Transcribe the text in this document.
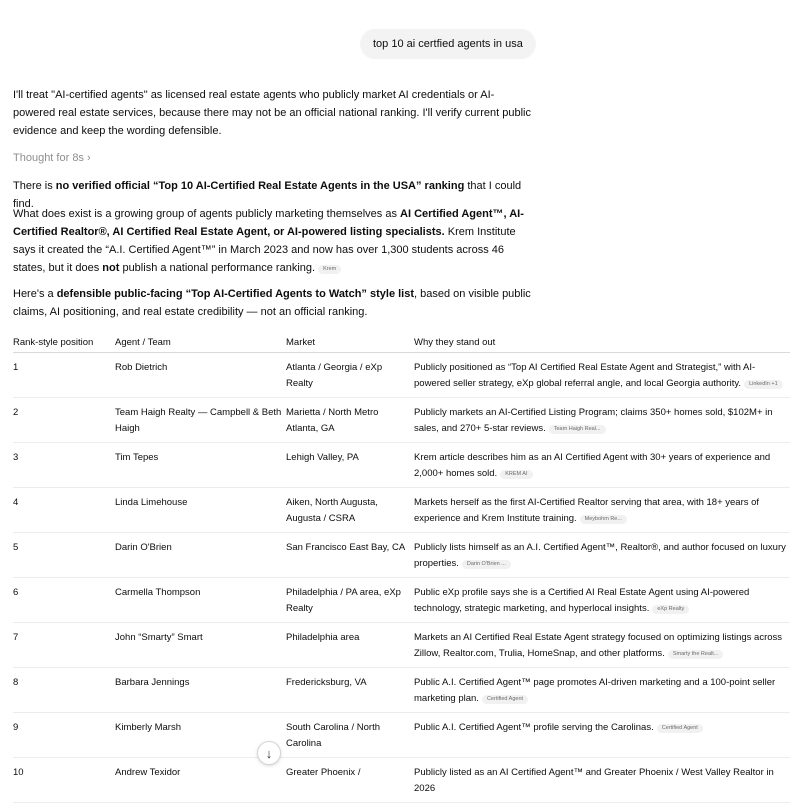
top 10 ai certfied agents in usa

I'll treat "AI-certified agents" as licensed real estate agents who publicly market AI credentials or AI-powered real estate services, because there may not be an official national ranking. I'll verify current public evidence and keep the wording defensible.

Thought for 8s ›

There is no verified official “Top 10 AI-Certified Real Estate Agents in the USA” ranking that I could find.

What does exist is a growing group of agents publicly marketing themselves as AI Certified Agent™, AI-Certified Realtor®, AI Certified Real Estate Agent, or AI-powered listing specialists. Krem Institute says it created the “A.I. Certified Agent™” in March 2023 and now has over 1,300 students across 46 states, but it does not publish a national performance ranking. Krem

Here's a defensible public-facing “Top AI-Certified Agents to Watch” style list, based on visible public claims, AI positioning, and real estate credibility — not an official ranking.

Rank-style position	Agent / Team	Market	Why they stand out
1	Rob Dietrich	Atlanta / Georgia / eXp Realty	Publicly positioned as “Top AI Certified Real Estate Agent and Strategist,” with AI-powered seller strategy, eXp global referral angle, and local Georgia authority. LinkedIn +1
2	Team Haigh Realty — Campbell & Beth Haigh	Marietta / North Metro Atlanta, GA	Publicly markets an AI-Certified Listing Program; claims 350+ homes sold, $102M+ in sales, and 270+ 5-star reviews. Team Haigh Real...
3	Tim Tepes	Lehigh Valley, PA	Krem article describes him as an AI Certified Agent with 30+ years of experience and 2,000+ homes sold. KREM AI
4	Linda Limehouse	Aiken, North Augusta, Augusta / CSRA	Markets herself as the first AI-Certified Realtor serving that area, with 18+ years of experience and Krem Institute training. Meybohm Re...
5	Darin O'Brien	San Francisco East Bay, CA	Publicly lists himself as an A.I. Certified Agent™, Realtor®, and author focused on luxury properties. Darin O'Brien ...
6	Carmella Thompson	Philadelphia / PA area, eXp Realty	Public eXp profile says she is a Certified AI Real Estate Agent using AI-powered technology, strategic marketing, and hyperlocal insights. eXp Realty
7	John “Smarty” Smart	Philadelphia area	Markets an AI Certified Real Estate Agent strategy focused on optimizing listings across Zillow, Realtor.com, Trulia, HomeSnap, and other platforms. Smarty the Realt...
8	Barbara Jennings	Fredericksburg, VA	Public A.I. Certified Agent™ page promotes AI-driven marketing and a 100-point seller marketing plan. Certified Agent
9	Kimberly Marsh	South Carolina / North Carolina	Public A.I. Certified Agent™ profile serving the Carolinas. Certified Agent
10	Andrew Texidor	Greater Phoenix /	Publicly listed as an AI Certified Agent™ and Greater Phoenix / West Valley Realtor in 2026
↓
